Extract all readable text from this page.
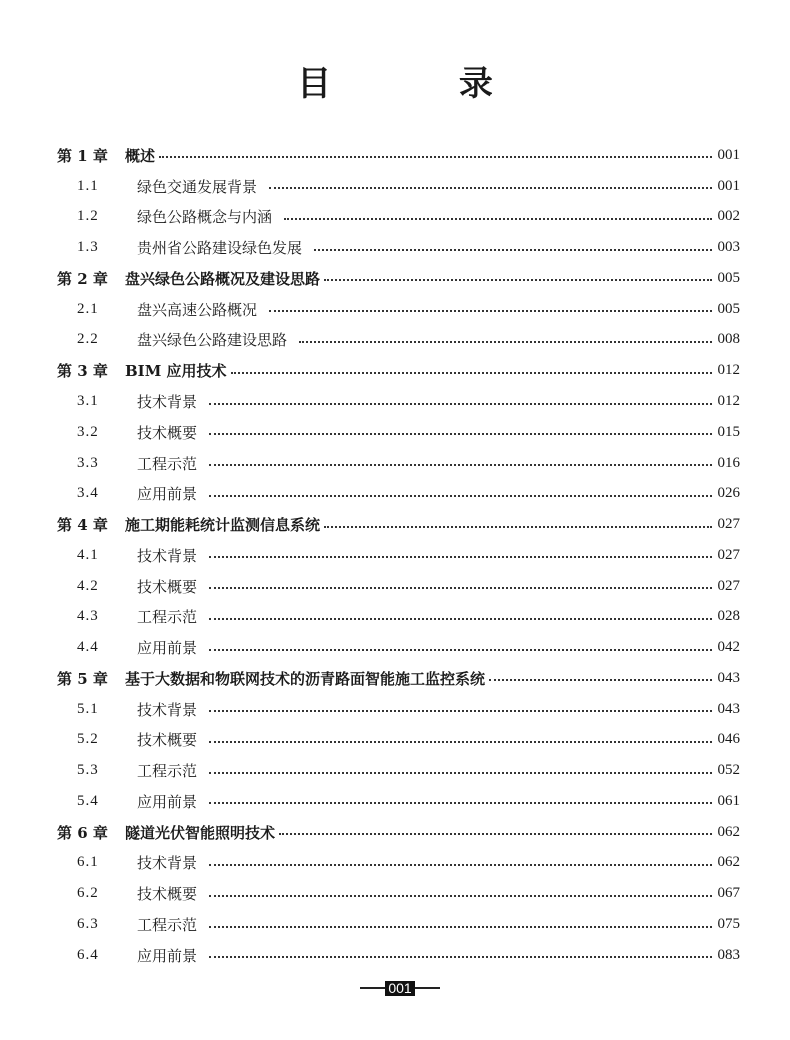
目 录
第 1 章	概述	001
1.1	绿色交通发展背景	001
1.2	绿色公路概念与内涵	002
1.3	贵州省公路建设绿色发展	003
第 2 章	盘兴绿色公路概况及建设思路	005
2.1	盘兴高速公路概况	005
2.2	盘兴绿色公路建设思路	008
第 3 章	BIM 应用技术	012
3.1	技术背景	012
3.2	技术概要	015
3.3	工程示范	016
3.4	应用前景	026
第 4 章	施工期能耗统计监测信息系统	027
4.1	技术背景	027
4.2	技术概要	027
4.3	工程示范	028
4.4	应用前景	042
第 5 章	基于大数据和物联网技术的沥青路面智能施工监控系统	043
5.1	技术背景	043
5.2	技术概要	046
5.3	工程示范	052
5.4	应用前景	061
第 6 章	隧道光伏智能照明技术	062
6.1	技术背景	062
6.2	技术概要	067
6.3	工程示范	075
6.4	应用前景	083
001
